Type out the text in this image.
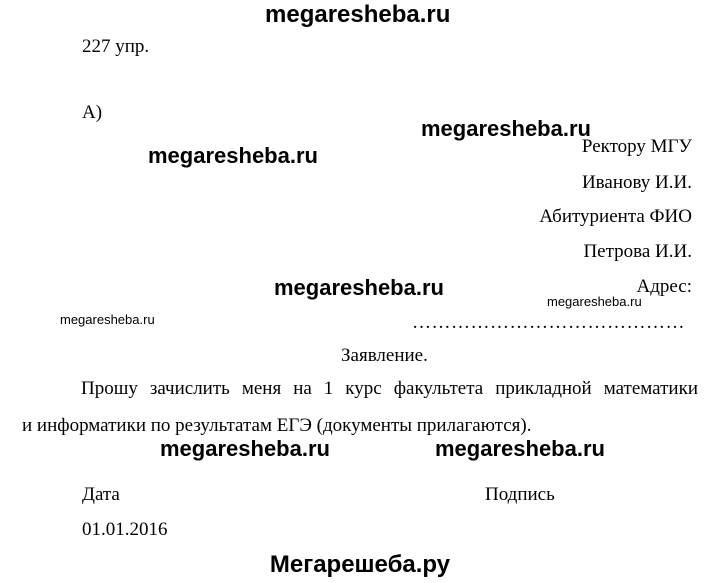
megaresheba.ru
227 упр.
А)
megaresheba.ru
megaresheba.ru	Ректору МГУ
Иванову И.И.
Абитуриента ФИО
Петрова И.И.
megaresheba.ru	Адрес:
megaresheba.ru
megaresheba.ru	……………………………………
Заявление.
Прошу зачислить меня на 1 курс факультета прикладной математики
и информатики по результатам ЕГЭ (документы прилагаются).
megaresheba.ru	megaresheba.ru
Дата	Подпись
01.01.2016
Мегарешеба.ру
